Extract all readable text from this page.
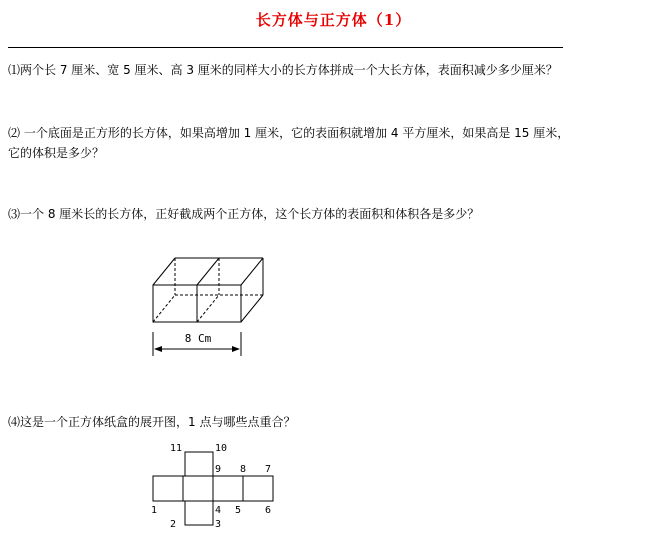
长方体与正方体（1）
⑴两个长 7 厘米、宽 5 厘米、高 3 厘米的同样大小的长方体拼成一个大长方体，表面积减少多少厘米？
⑵ 一个底面是正方形的长方体，如果高增加 1 厘米，它的表面积就增加 4 平方厘米，如果高是 15 厘米，
它的体积是多少？
⑶一个 8 厘米长的长方体，正好截成两个正方体，这个长方体的表面积和体积各是多少？
8 Cm
⑷这是一个正方体纸盒的展开图，1 点与哪些点重合？
11	10
9 8 7
1
2	3
4 5 6
